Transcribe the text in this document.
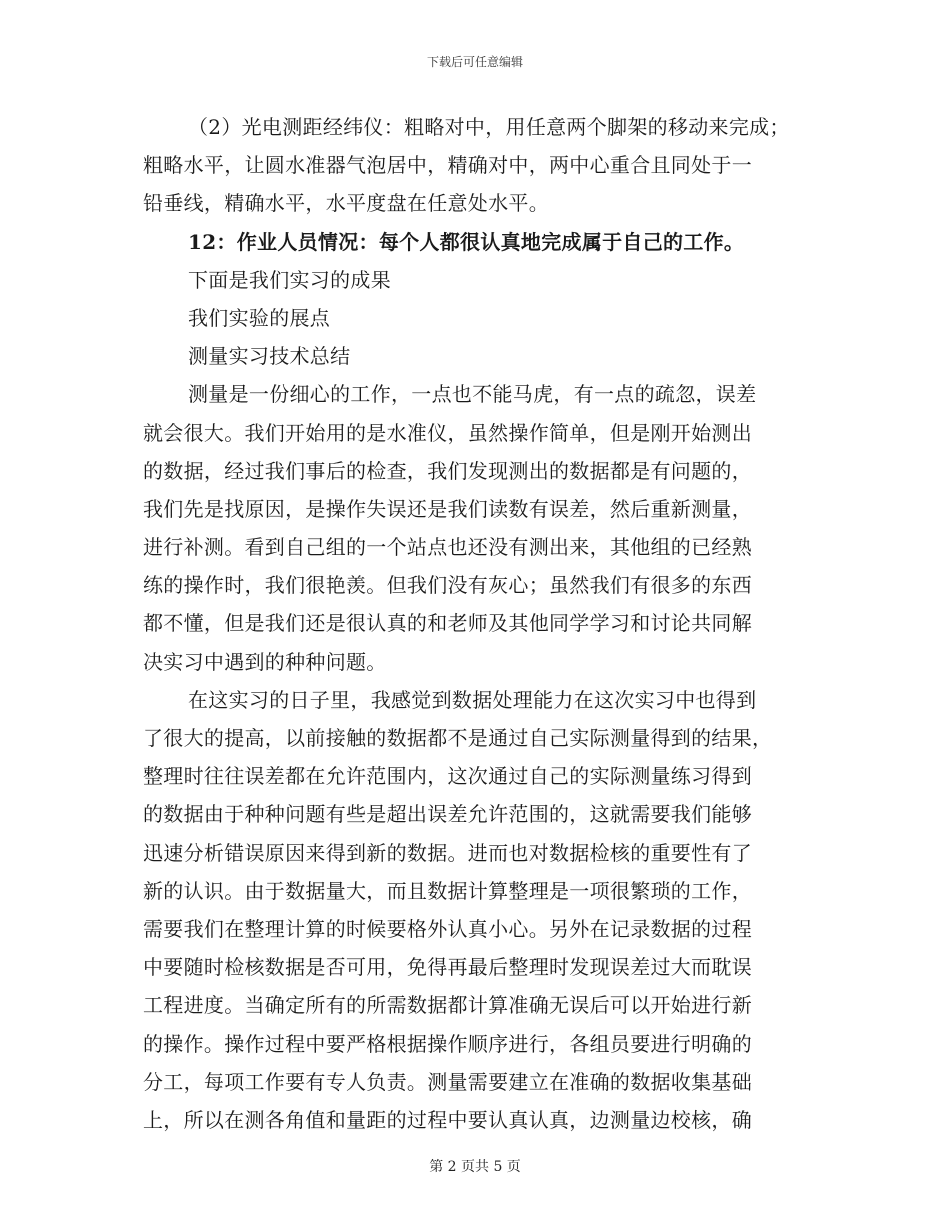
下载后可任意编辑
（2）光电测距经纬仪：粗略对中，用任意两个脚架的移动来完成；
粗略水平，让圆水准器气泡居中，精确对中，两中心重合且同处于一
铅垂线，精确水平，水平度盘在任意处水平。
12：作业人员情况：每个人都很认真地完成属于自己的工作。
下面是我们实习的成果
我们实验的展点
测量实习技术总结
测量是一份细心的工作，一点也不能马虎，有一点的疏忽，误差
就会很大。我们开始用的是水准仪，虽然操作简单，但是刚开始测出
的数据，经过我们事后的检查，我们发现测出的数据都是有问题的，
我们先是找原因，是操作失误还是我们读数有误差，然后重新测量，
进行补测。看到自己组的一个站点也还没有测出来，其他组的已经熟
练的操作时，我们很艳羡。但我们没有灰心；虽然我们有很多的东西
都不懂，但是我们还是很认真的和老师及其他同学学习和讨论共同解
决实习中遇到的种种问题。
在这实习的日子里，我感觉到数据处理能力在这次实习中也得到
了很大的提高，以前接触的数据都不是通过自己实际测量得到的结果，
整理时往往误差都在允许范围内，这次通过自己的实际测量练习得到
的数据由于种种问题有些是超出误差允许范围的，这就需要我们能够
迅速分析错误原因来得到新的数据。进而也对数据检核的重要性有了
新的认识。由于数据量大，而且数据计算整理是一项很繁琐的工作，
需要我们在整理计算的时候要格外认真小心。另外在记录数据的过程
中要随时检核数据是否可用，免得再最后整理时发现误差过大而耽误
工程进度。当确定所有的所需数据都计算准确无误后可以开始进行新
的操作。操作过程中要严格根据操作顺序进行，各组员要进行明确的
分工，每项工作要有专人负责。测量需要建立在准确的数据收集基础
上，所以在测各角值和量距的过程中要认真认真，边测量边校核，确
第 2 页共 5 页
